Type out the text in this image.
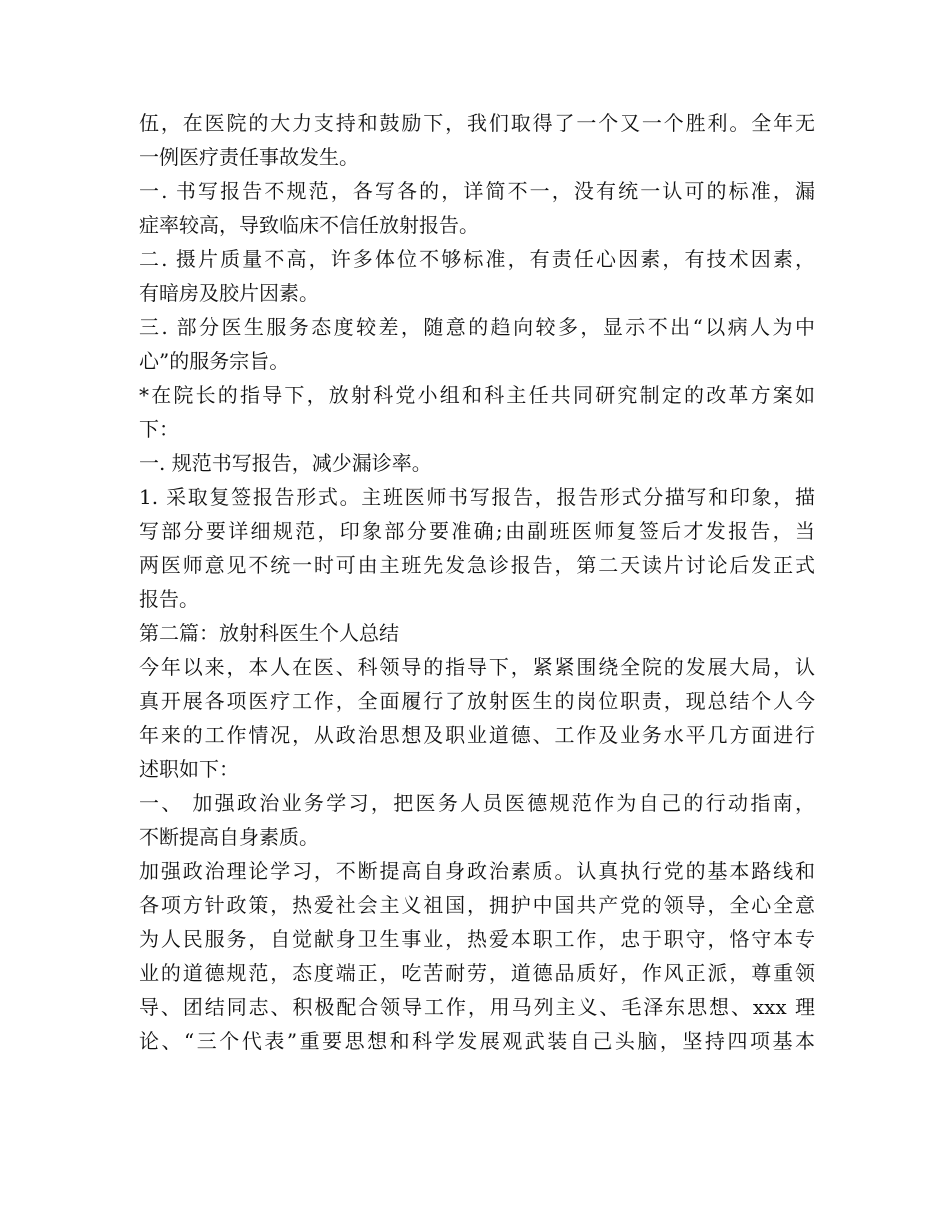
伍，在医院的大力支持和鼓励下，我们取得了一个又一个胜利。全年无
一例医疗责任事故发生。
一. 书写报告不规范，各写各的，详简不一，没有统一认可的标准，漏
症率较高，导致临床不信任放射报告。
二. 摄片质量不高，许多体位不够标准，有责任心因素，有技术因素，
有暗房及胶片因素。
三. 部分医生服务态度较差，随意的趋向较多，显示不出“以病人为中
心”的服务宗旨。
*在院长的指导下，放射科党小组和科主任共同研究制定的改革方案如
下：
一. 规范书写报告，减少漏诊率。
1. 采取复签报告形式。主班医师书写报告，报告形式分描写和印象，描
写部分要详细规范，印象部分要准确;由副班医师复签后才发报告，当
两医师意见不统一时可由主班先发急诊报告，第二天读片讨论后发正式
报告。
第二篇：放射科医生个人总结
今年以来，本人在医、科领导的指导下，紧紧围绕全院的发展大局，认
真开展各项医疗工作，全面履行了放射医生的岗位职责，现总结个人今
年来的工作情况，从政治思想及职业道德、工作及业务水平几方面进行
述职如下：
一、 加强政治业务学习，把医务人员医德规范作为自己的行动指南，
不断提高自身素质。
加强政治理论学习，不断提高自身政治素质。认真执行党的基本路线和
各项方针政策，热爱社会主义祖国，拥护中国共产党的领导，全心全意
为人民服务，自觉献身卫生事业，热爱本职工作，忠于职守，恪守本专
业的道德规范，态度端正，吃苦耐劳，道德品质好，作风正派，尊重领
导、团结同志、积极配合领导工作，用马列主义、毛泽东思想、xxx 理
论、“三个代表”重要思想和科学发展观武装自己头脑，坚持四项基本
